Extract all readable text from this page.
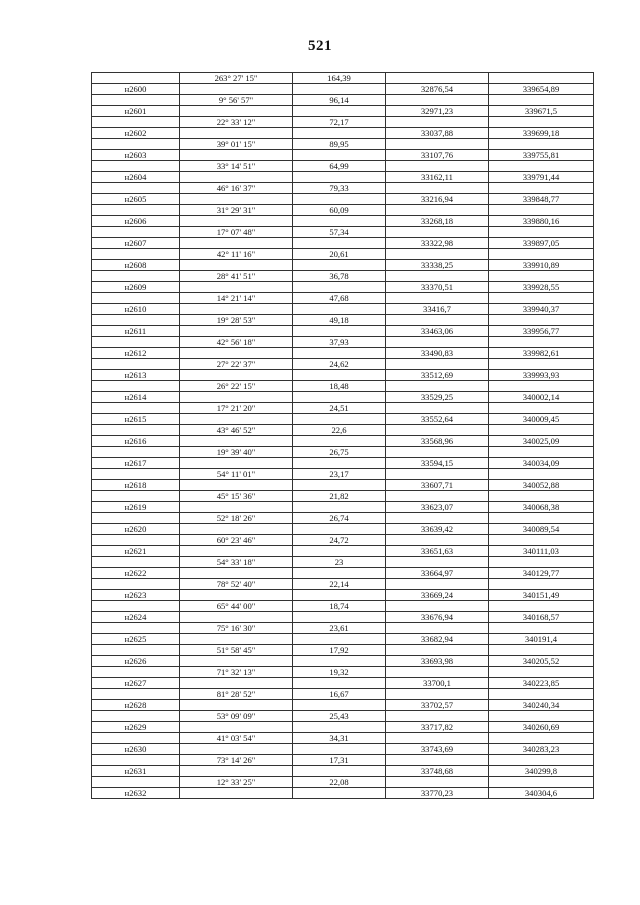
521
	263° 27' 15"	164,39		
н2600			32876,54	339654,89
	9° 56' 57"	96,14		
н2601			32971,23	339671,5
	22° 33' 12"	72,17		
н2602			33037,88	339699,18
	39° 01' 15"	89,95		
н2603			33107,76	339755,81
	33° 14' 51"	64,99		
н2604			33162,11	339791,44
	46° 16' 37"	79,33		
н2605			33216,94	339848,77
	31° 29' 31"	60,09		
н2606			33268,18	339880,16
	17° 07' 48"	57,34		
н2607			33322,98	339897,05
	42° 11' 16"	20,61		
н2608			33338,25	339910,89
	28° 41' 51"	36,78		
н2609			33370,51	339928,55
	14° 21' 14"	47,68		
н2610			33416,7	339940,37
	19° 28' 53"	49,18		
н2611			33463,06	339956,77
	42° 56' 18"	37,93		
н2612			33490,83	339982,61
	27° 22' 37"	24,62		
н2613			33512,69	339993,93
	26° 22' 15"	18,48		
н2614			33529,25	340002,14
	17° 21' 20"	24,51		
н2615			33552,64	340009,45
	43° 46' 52"	22,6		
н2616			33568,96	340025,09
	19° 39' 40"	26,75		
н2617			33594,15	340034,09
	54° 11' 01"	23,17		
н2618			33607,71	340052,88
	45° 15' 36"	21,82		
н2619			33623,07	340068,38
	52° 18' 26"	26,74		
н2620			33639,42	340089,54
	60° 23' 46"	24,72		
н2621			33651,63	340111,03
	54° 33' 18"	23		
н2622			33664,97	340129,77
	78° 52' 40"	22,14		
н2623			33669,24	340151,49
	65° 44' 00"	18,74		
н2624			33676,94	340168,57
	75° 16' 30"	23,61		
н2625			33682,94	340191,4
	51° 58' 45"	17,92		
н2626			33693,98	340205,52
	71° 32' 13"	19,32		
н2627			33700,1	340223,85
	81° 28' 52"	16,67		
н2628			33702,57	340240,34
	53° 09' 09"	25,43		
н2629			33717,82	340260,69
	41° 03' 54"	34,31		
н2630			33743,69	340283,23
	73° 14' 26"	17,31		
н2631			33748,68	340299,8
	12° 33' 25"	22,08		
н2632			33770,23	340304,6
